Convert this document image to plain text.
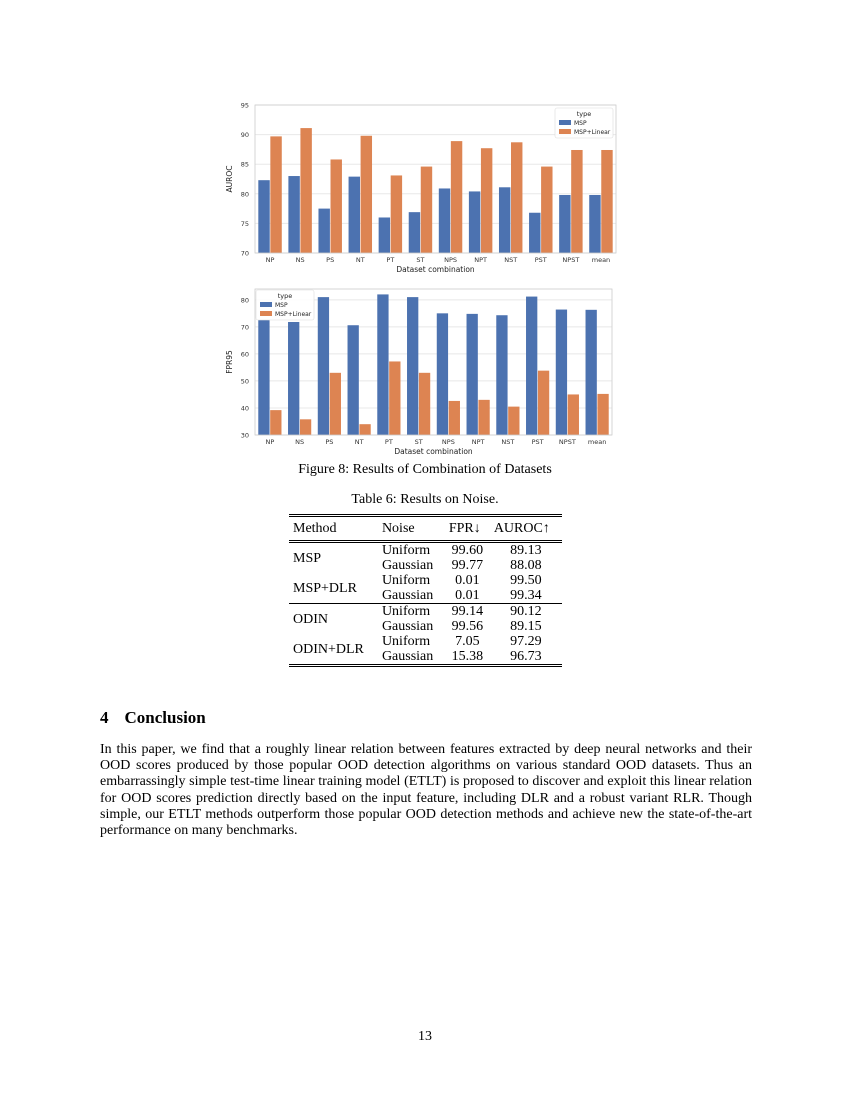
70
75
80
85
90
95
NP	NS	PS	NT	PT	ST	NPS	NPT	NST	PST NPST mean
Dataset combination
AUROC
type
MSP
MSP+Linear
30
40
50
60
70
80
NP	NS	PS	NT	PT	ST	NPS	NPT	NST	PST NPST mean
Dataset combination
FPR95
type
MSP
MSP+Linear
Figure 8: Results of Combination of Datasets
Table 6: Results on Noise.
Method	Noise	FPR↓	AUROC↑
MSP	Uniform	99.60	89.13
	Gaussian	99.77	88.08
MSP+DLR	Uniform	0.01	99.50
	Gaussian	0.01	99.34
ODIN	Uniform	99.14	90.12
	Gaussian	99.56	89.15
ODIN+DLR	Uniform	7.05	97.29
	Gaussian	15.38	96.73
4 Conclusion

In this paper, we find that a roughly linear relation between features extracted by deep neural networks and their OOD scores produced by those popular OOD detection algorithms on various standard OOD datasets. Thus an embarrassingly simple test-time linear training model (ETLT) is proposed to discover and exploit this linear relation for OOD scores prediction directly based on the input feature, including DLR and a robust variant RLR. Though simple, our ETLT methods outperform those popular OOD detection methods and achieve new the state-of-the-art performance on many benchmarks.

13
